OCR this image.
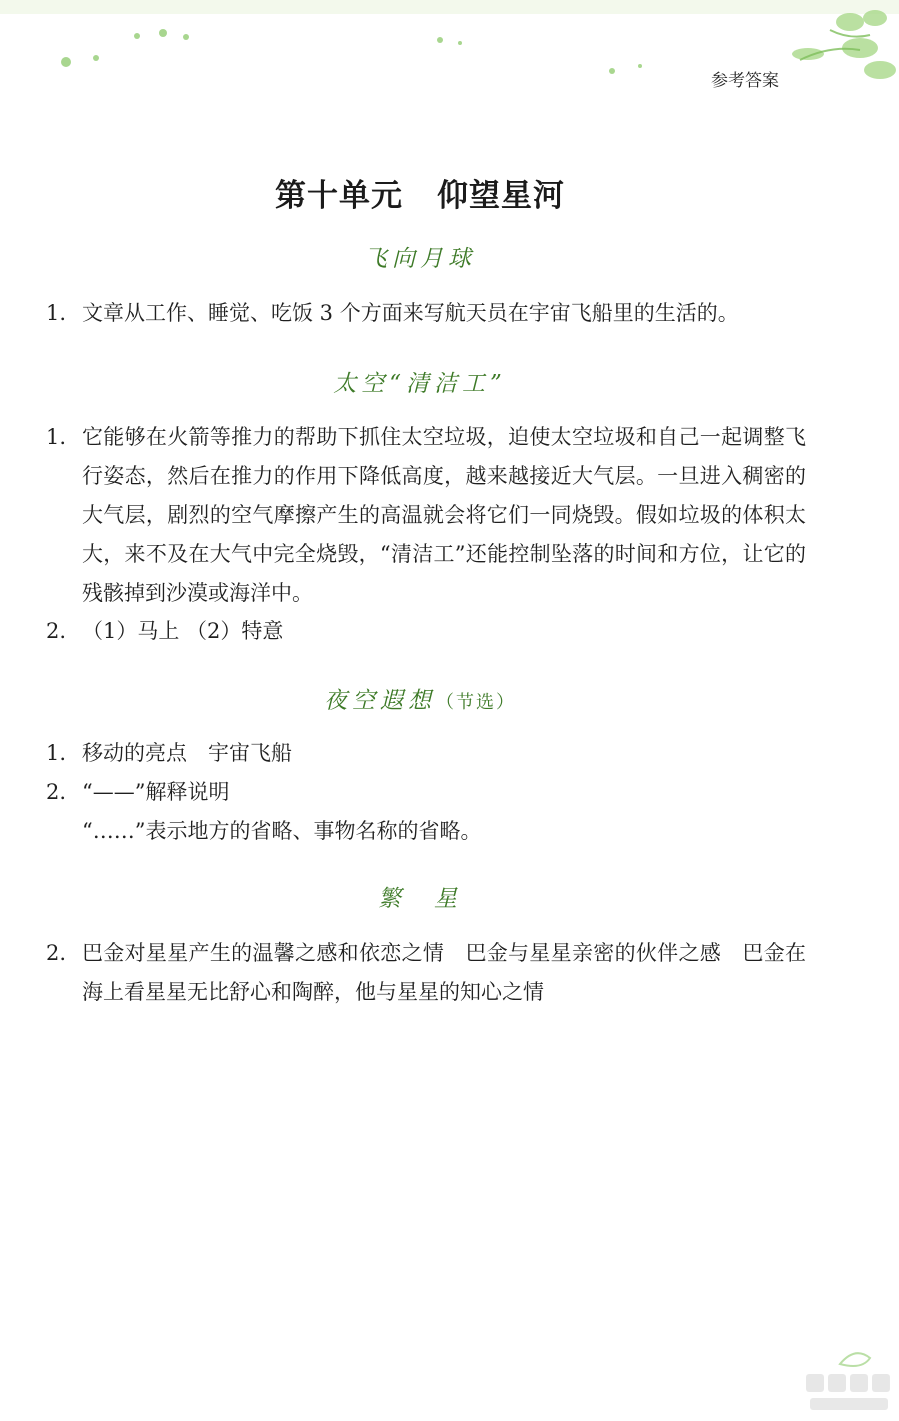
参考答案
第十单元 仰望星河
飞向月球
1. 文章从工作、睡觉、吃饭 3 个方面来写航天员在宇宙飞船里的生活的。
太空“清洁工”
1. 它能够在火箭等推力的帮助下抓住太空垃圾，迫使太空垃圾和自己一起调整飞行姿态，然后在推力的作用下降低高度，越来越接近大气层。一旦进入稠密的大气层，剧烈的空气摩擦产生的高温就会将它们一同烧毁。假如垃圾的体积太大，来不及在大气中完全烧毁，“清洁工”还能控制坠落的时间和方位，让它的残骸掉到沙漠或海洋中。
2. （1）马上 （2）特意
夜空遐想（节选）
1. 移动的亮点　宇宙飞船
2. “——”解释说明
“……”表示地方的省略、事物名称的省略。
繁　星
2. 巴金对星星产生的温馨之感和依恋之情　巴金与星星亲密的伙伴之感　巴金在海上看星星无比舒心和陶醉，他与星星的知心之情
